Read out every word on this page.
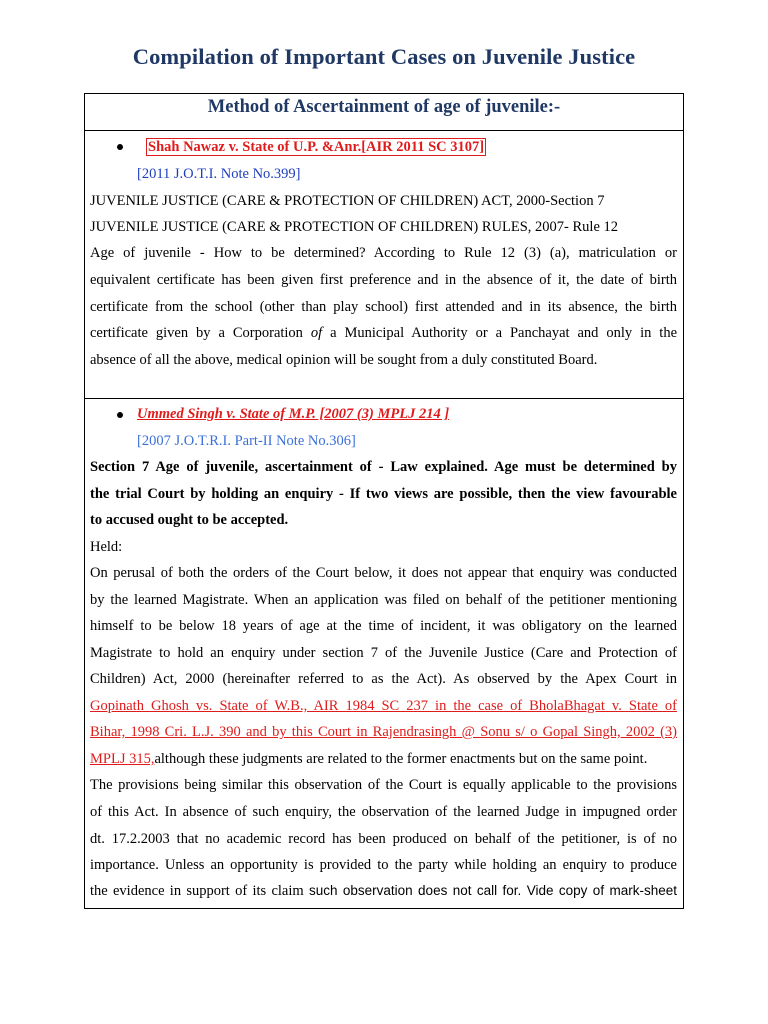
Compilation of Important Cases on Juvenile Justice
Method of Ascertainment of age of juvenile:-
Shah Nawaz v. State of U.P. &Anr.[AIR 2011 SC 3107]
[2011 J.O.T.I. Note No.399]
JUVENILE JUSTICE (CARE & PROTECTION OF CHILDREN) ACT, 2000-Section 7
JUVENILE JUSTICE (CARE & PROTECTION OF CHILDREN) RULES, 2007- Rule 12
Age of juvenile - How to be determined? According to Rule 12 (3) (a), matriculation or
equivalent certificate has been given first preference and in the absence of it, the date of birth
certificate from the school (other than play school) first attended and in its absence, the birth
certificate given by a Corporation of a Municipal Authority or a Panchayat and only in the
absence of all the above, medical opinion will be sought from a duly constituted Board.
Ummed Singh v. State of M.P. [2007 (3) MPLJ 214 ]
[2007 J.O.T.R.I. Part-II Note No.306]
Section 7 Age of juvenile, ascertainment of - Law explained. Age must be determined by
the trial Court by holding an enquiry - If two views are possible, then the view favourable
to accused ought to be accepted.
Held:
On perusal of both the orders of the Court below, it does not appear that enquiry was conducted
by the learned Magistrate. When an application was filed on behalf of the petitioner mentioning
himself to be below 18 years of age at the time of incident, it was obligatory on the learned
Magistrate to hold an enquiry under section 7 of the Juvenile Justice (Care and Protection of
Children) Act, 2000 (hereinafter referred to as the Act). As observed by the Apex Court in
Gopinath Ghosh vs. State of W.B., AIR 1984 SC 237 in the case of BholaBhagat v. State of
Bihar, 1998 Cri. L.J. 390 and by this Court in Rajendrasingh @ Sonu s/ o Gopal Singh, 2002 (3)
MPLJ 315,although these judgments are related to the former enactments but on the same point.
The provisions being similar this observation of the Court is equally applicable to the provisions
of this Act. In absence of such enquiry, the observation of the learned Judge in impugned order
dt. 17.2.2003 that no academic record has been produced on behalf of the petitioner, is of no
importance. Unless an opportunity is provided to the party while holding an enquiry to produce
the evidence in support of its claim such observation does not call for. Vide copy of mark-sheet
